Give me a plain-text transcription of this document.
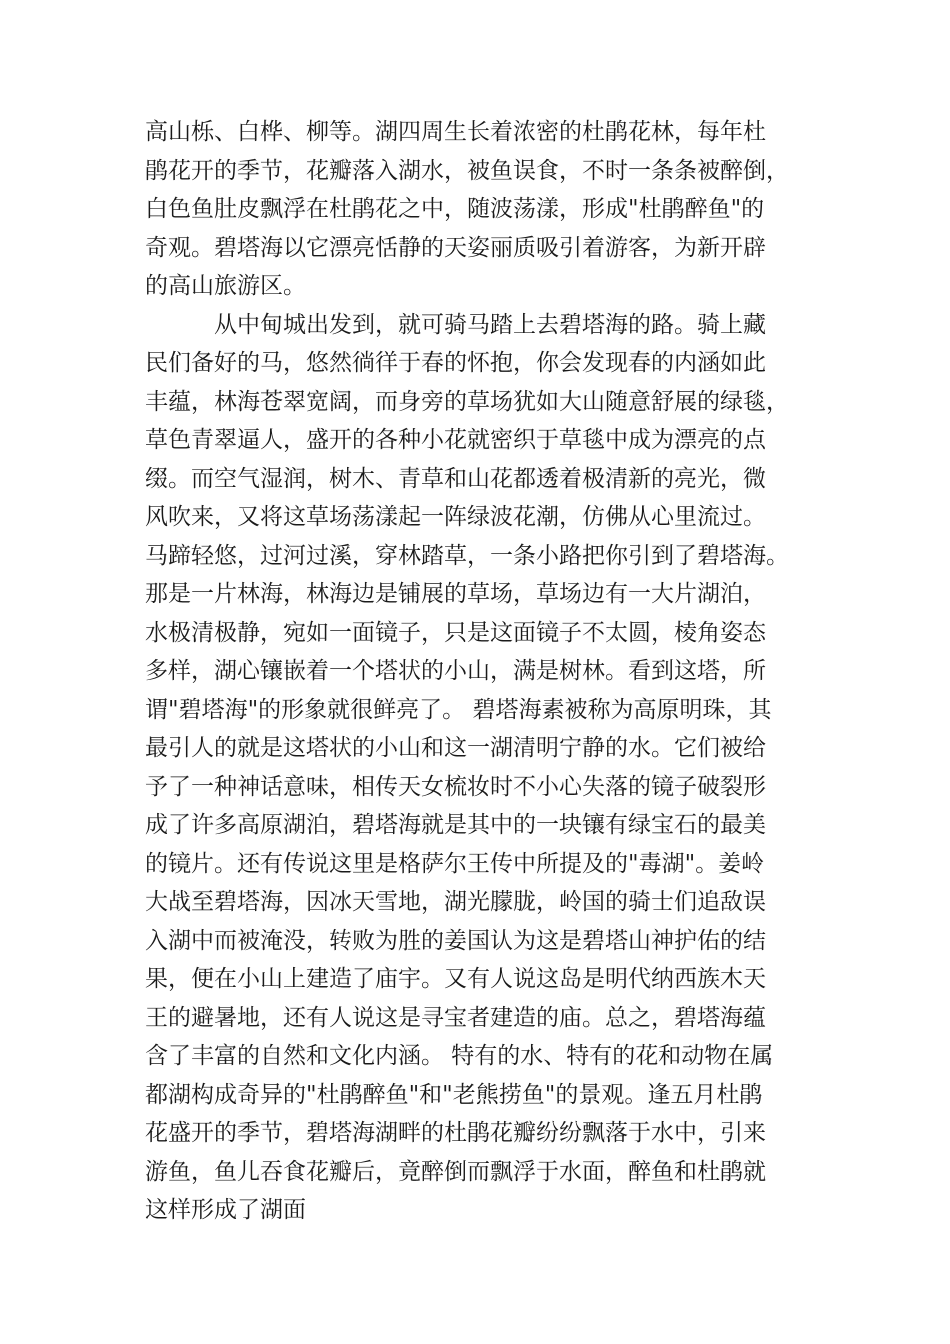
高山栎、白桦、柳等。湖四周生长着浓密的杜鹃花林，每年杜
鹃花开的季节，花瓣落入湖水，被鱼误食，不时一条条被醉倒，
白色鱼肚皮飘浮在杜鹃花之中，随波荡漾，形成"杜鹃醉鱼"的
奇观。碧塔海以它漂亮恬静的天姿丽质吸引着游客，为新开辟
的高山旅游区。
从中甸城出发到，就可骑马踏上去碧塔海的路。骑上藏
民们备好的马，悠然徜徉于春的怀抱，你会发现春的内涵如此
丰蕴，林海苍翠宽阔，而身旁的草场犹如大山随意舒展的绿毯，
草色青翠逼人，盛开的各种小花就密织于草毯中成为漂亮的点
缀。而空气湿润，树木、青草和山花都透着极清新的亮光，微
风吹来，又将这草场荡漾起一阵绿波花潮，仿佛从心里流过。
马蹄轻悠，过河过溪，穿林踏草，一条小路把你引到了碧塔海。
那是一片林海，林海边是铺展的草场，草场边有一大片湖泊，
水极清极静，宛如一面镜子，只是这面镜子不太圆，棱角姿态
多样，湖心镶嵌着一个塔状的小山，满是树林。看到这塔，所
谓"碧塔海"的形象就很鲜亮了。 碧塔海素被称为高原明珠，其
最引人的就是这塔状的小山和这一湖清明宁静的水。它们被给
予了一种神话意味，相传天女梳妆时不小心失落的镜子破裂形
成了许多高原湖泊，碧塔海就是其中的一块镶有绿宝石的最美
的镜片。还有传说这里是格萨尔王传中所提及的"毒湖"。姜岭
大战至碧塔海，因冰天雪地，湖光朦胧，岭国的骑士们追敌误
入湖中而被淹没，转败为胜的姜国认为这是碧塔山神护佑的结
果，便在小山上建造了庙宇。又有人说这岛是明代纳西族木天
王的避暑地，还有人说这是寻宝者建造的庙。总之，碧塔海蕴
含了丰富的自然和文化内涵。 特有的水、特有的花和动物在属
都湖构成奇异的"杜鹃醉鱼"和"老熊捞鱼"的景观。逢五月杜鹃
花盛开的季节，碧塔海湖畔的杜鹃花瓣纷纷飘落于水中，引来
游鱼，鱼儿吞食花瓣后，竟醉倒而飘浮于水面，醉鱼和杜鹃就
这样形成了湖面
